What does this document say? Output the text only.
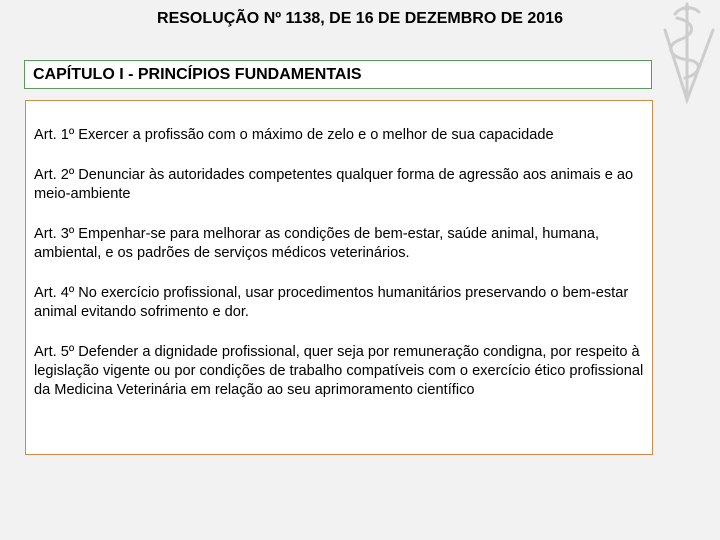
RESOLUÇÃO Nº 1138, DE 16 DE DEZEMBRO DE 2016
CAPÍTULO I - PRINCÍPIOS FUNDAMENTAIS

Art. 1º Exercer a profissão com o máximo de zelo e o melhor de sua capacidade

Art. 2º Denunciar às autoridades competentes qualquer forma de agressão aos animais e ao meio-ambiente

Art. 3º Empenhar-se para melhorar as condições de bem-estar, saúde animal, humana, ambiental, e os padrões de serviços médicos veterinários.

Art. 4º No exercício profissional, usar procedimentos humanitários preservando o bem-estar animal evitando sofrimento e dor.

Art. 5º Defender a dignidade profissional, quer seja por remuneração condigna, por respeito à legislação vigente ou por condições de trabalho compatíveis com o exercício ético profissional da Medicina Veterinária em relação ao seu aprimoramento científico
